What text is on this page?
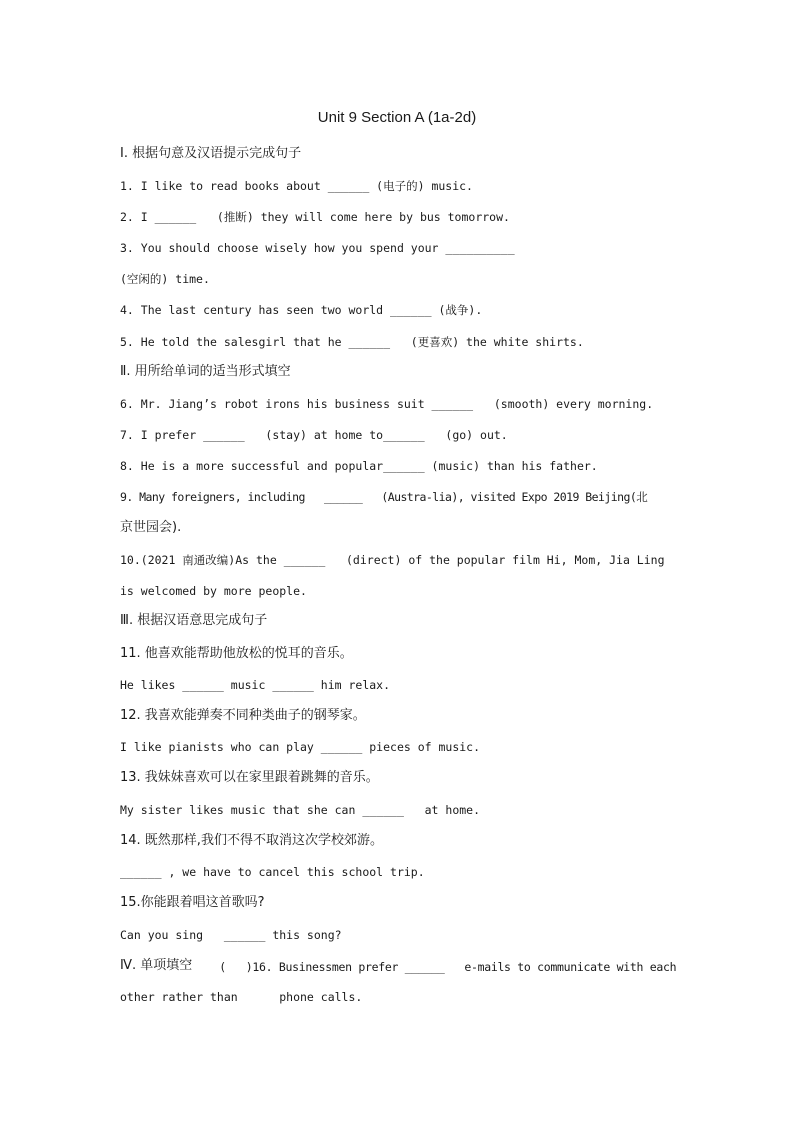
Unit 9 Section A (1a-2d)
Ⅰ. 根据句意及汉语提示完成句子
1. I like to read books about ______ (电子的) music.
2. I ______   (推断) they will come here by bus tomorrow.
3. You should choose wisely how you spend your __________
(空闲的) time.
4. The last century has seen two world ______ (战争).
5. He told the salesgirl that he ______   (更喜欢) the white shirts.
Ⅱ. 用所给单词的适当形式填空
6. Mr. Jiang’s robot irons his business suit ______   (smooth) every morning.
7. I prefer ______   (stay) at home to______   (go) out.
8. He is a more successful and popular______ (music) than his father.
9. Many foreigners, including   ______   (Austra-lia), visited Expo 2019 Beijing(北
京世园会).
10.(2021 南通改编)As the ______   (direct) of the popular film Hi, Mom, Jia Ling
is welcomed by more people.
Ⅲ. 根据汉语意思完成句子
11. 他喜欢能帮助他放松的悦耳的音乐。
He likes ______ music ______ him relax.
12. 我喜欢能弹奏不同种类曲子的钢琴家。
I like pianists who can play ______ pieces of music.
13. 我妹妹喜欢可以在家里跟着跳舞的音乐。
My sister likes music that she can ______   at home.
14. 既然那样,我们不得不取消这次学校郊游。
______ , we have to cancel this school trip.
15.你能跟着唱这首歌吗?
Can you sing   ______ this song?
Ⅳ. 单项填空 (   )16. Businessmen prefer ______   e-mails to communicate with each
other rather than      phone calls.
